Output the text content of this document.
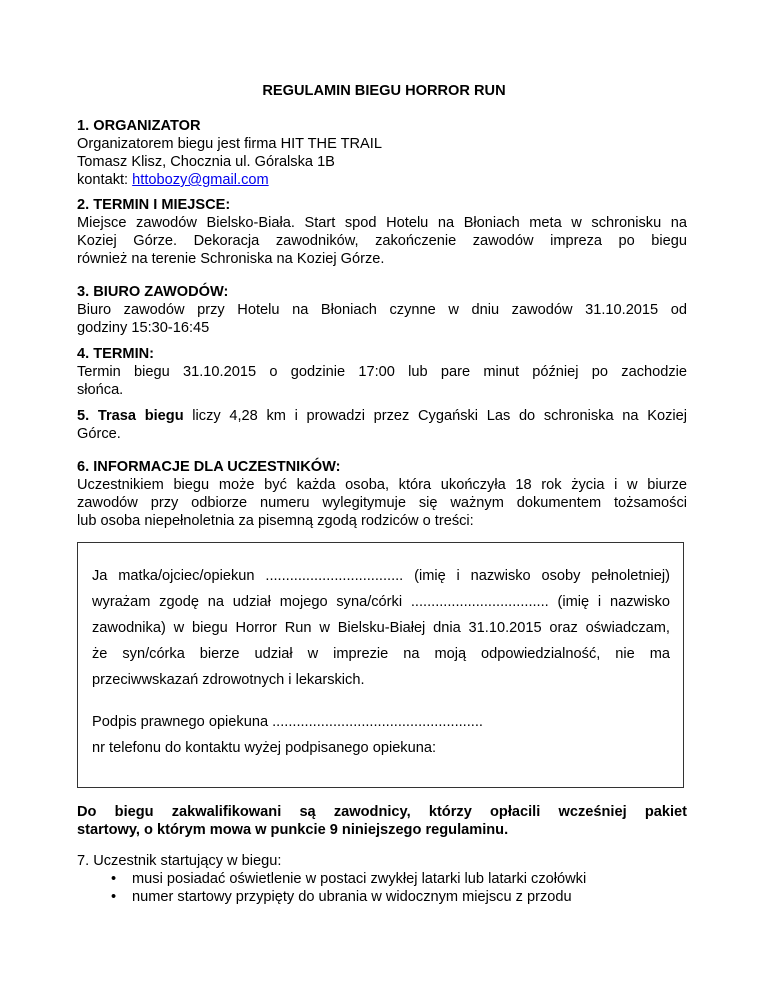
REGULAMIN BIEGU HORROR RUN
1. ORGANIZATOR
Organizatorem biegu jest firma HIT THE TRAIL
Tomasz Klisz, Chocznia ul. Góralska 1B
kontakt: httobozy@gmail.com
2. TERMIN I MIEJSCE:
Miejsce zawodów Bielsko-Biała. Start spod Hotelu na Błoniach meta w schronisku na
Koziej Górze. Dekoracja zawodników, zakończenie zawodów impreza po biegu
również na terenie Schroniska na Koziej Górze.
3. BIURO ZAWODÓW:
Biuro zawodów przy Hotelu na Błoniach czynne w dniu zawodów 31.10.2015 od
godziny 15:30-16:45
4. TERMIN:
Termin biegu 31.10.2015 o godzinie 17:00 lub pare minut później po zachodzie
słońca.
5. Trasa biegu liczy 4,28 km i prowadzi przez Cygański Las do schroniska na Koziej
Górce.
6. INFORMACJE DLA UCZESTNIKÓW:
Uczestnikiem biegu może być każda osoba, która ukończyła 18 rok życia i w biurze
zawodów przy odbiorze numeru wylegitymuje się ważnym dokumentem tożsamości
lub osoba niepełnoletnia za pisemną zgodą rodziców o treści:
Ja matka/ojciec/opiekun .................................. (imię i nazwisko osoby pełnoletniej)
wyrażam zgodę na udział mojego syna/córki .................................. (imię i nazwisko
zawodnika) w biegu Horror Run w Bielsku-Białej dnia 31.10.2015 oraz oświadczam,
że syn/córka bierze udział w imprezie na moją odpowiedzialność, nie ma
przeciwwskazań zdrowotnych i lekarskich.
Podpis prawnego opiekuna ....................................................
nr telefonu do kontaktu wyżej podpisanego opiekuna:
Do biegu zakwalifikowani są zawodnicy, którzy opłacili wcześniej pakiet
startowy, o którym mowa w punkcie 9 niniejszego regulaminu.
7. Uczestnik startujący w biegu:
• musi posiadać oświetlenie w postaci zwykłej latarki lub latarki czołówki
• numer startowy przypięty do ubrania w widocznym miejscu z przodu
